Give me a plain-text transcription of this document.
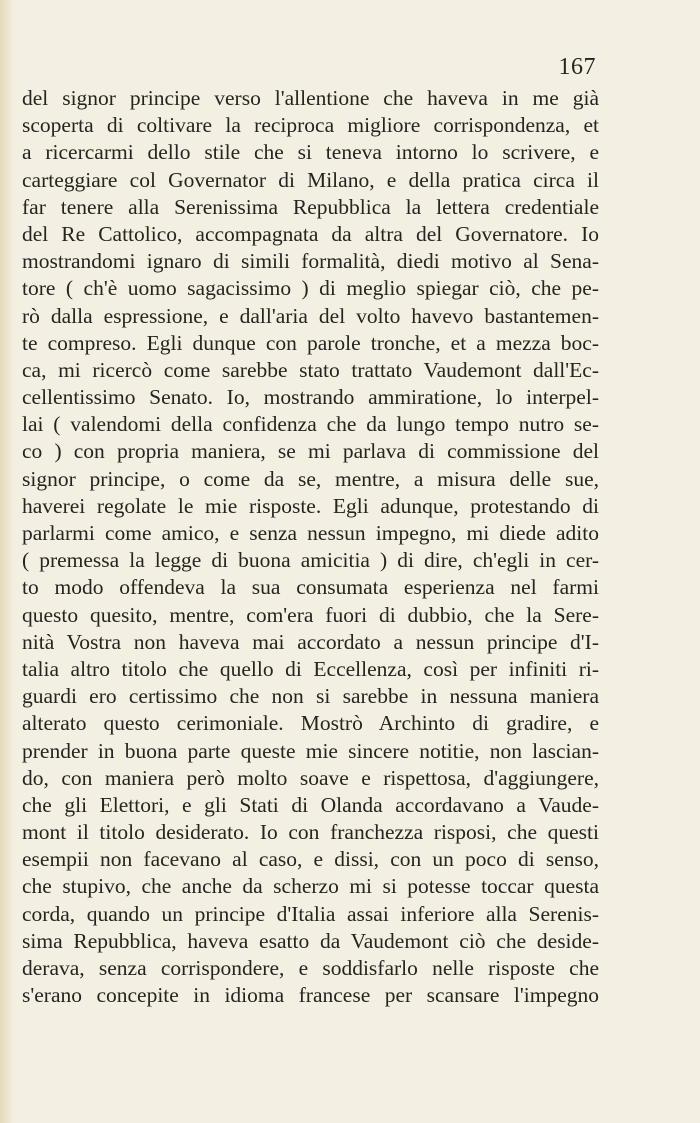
167
del signor principe verso l'allentione che haveva in me già
scoperta di coltivare la reciproca migliore corrispondenza, et
a ricercarmi dello stile che si teneva intorno lo scrivere, e
carteggiare col Governator di Milano, e della pratica circa il
far tenere alla Serenissima Repubblica la lettera credentiale
del Re Cattolico, accompagnata da altra del Governatore. Io
mostrandomi ignaro di simili formalità, diedi motivo al Sena-
tore ( ch'è uomo sagacissimo ) di meglio spiegar ciò, che pe-
rò dalla espressione, e dall'aria del volto havevo bastantemen-
te compreso. Egli dunque con parole tronche, et a mezza boc-
ca, mi ricercò come sarebbe stato trattato Vaudemont dall'Ec-
cellentissimo Senato. Io, mostrando ammiratione, lo interpel-
lai ( valendomi della confidenza che da lungo tempo nutro se-
co ) con propria maniera, se mi parlava di commissione del
signor principe, o come da se, mentre, a misura delle sue,
haverei regolate le mie risposte. Egli adunque, protestando di
parlarmi come amico, e senza nessun impegno, mi diede adito
( premessa la legge di buona amicitia ) di dire, ch'egli in cer-
to modo offendeva la sua consumata esperienza nel farmi
questo quesito, mentre, com'era fuori di dubbio, che la Sere-
nità Vostra non haveva mai accordato a nessun principe d'I-
talia altro titolo che quello di Eccellenza, così per infiniti ri-
guardi ero certissimo che non si sarebbe in nessuna maniera
alterato questo cerimoniale. Mostrò Archinto di gradire, e
prender in buona parte queste mie sincere notitie, non lascian-
do, con maniera però molto soave e rispettosa, d'aggiungere,
che gli Elettori, e gli Stati di Olanda accordavano a Vaude-
mont il titolo desiderato. Io con franchezza risposi, che questi
esempii non facevano al caso, e dissi, con un poco di senso,
che stupivo, che anche da scherzo mi si potesse toccar questa
corda, quando un principe d'Italia assai inferiore alla Serenis-
sima Repubblica, haveva esatto da Vaudemont ciò che deside-
derava, senza corrispondere, e soddisfarlo nelle risposte che
s'erano concepite in idioma francese per scansare l'impegno
